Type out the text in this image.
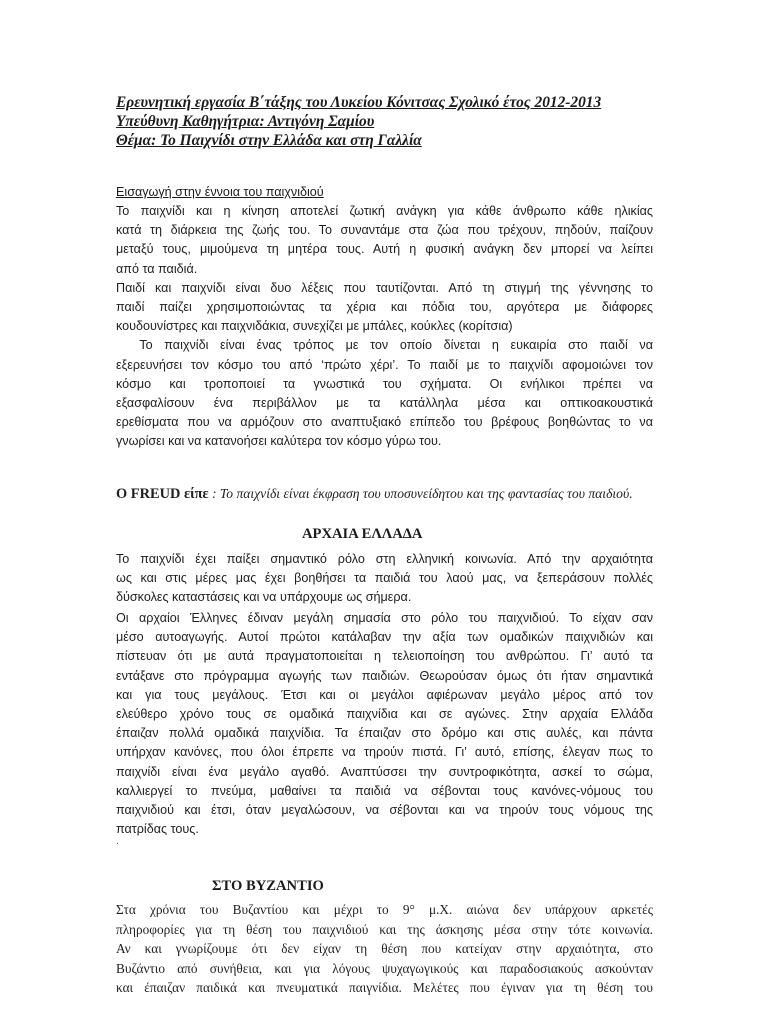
Ερευνητική εργασία Β΄τάξης του Λυκείου Κόνιτσας Σχολικό έτος 2012-2013
Υπεύθυνη Καθηγήτρια: Αντιγόνη Σαμίου
Θέμα: Το Παιχνίδι στην Ελλάδα και στη Γαλλία
Εισαγωγή στην έννοια του παιχνιδιού

Το παιχνίδι και η κίνηση αποτελεί ζωτική ανάγκη για κάθε άνθρωπο κάθε ηλικίας

κατά τη διάρκεια της ζωής του. Το συναντάμε στα ζώα που τρέχουν, πηδούν, παίζουν

μεταξύ τους, μιμούμενα τη μητέρα τους. Αυτή η φυσική ανάγκη δεν μπορεί να λείπει

από τα παιδιά.

Παιδί και παιχνίδι είναι δυο λέξεις που ταυτίζονται. Από τη στιγμή της γέννησης το

παιδί παίζει χρησιμοποιώντας τα χέρια και πόδια του, αργότερα με διάφορες

κουδουνίστρες και παιχνιδάκια, συνεχίζει με μπάλες, κούκλες (κορίτσια)

Το παιχνίδι είναι ένας τρόπος με τον οποίο δίνεται η ευκαιρία στο παιδί να

εξερευνήσει τον κόσμο του από ‘πρώτο χέρι’. Το παιδί με το παιχνίδι αφομοιώνει τον

κόσμο και τροποποιεί τα γνωστικά του σχήματα. Οι ενήλικοι πρέπει να

εξασφαλίσουν ένα περιβάλλον με τα κατάλληλα μέσα και οπτικοακουστικά

ερεθίσματα που να αρμόζουν στο αναπτυξιακό επίπεδο του βρέφους βοηθώντας το να

γνωρίσει και να κατανοήσει καλύτερα τον κόσμο γύρω του.

Ο FREUD είπε : Το παιχνίδι είναι έκφραση του υποσυνείδητου και της φαντασίας του παιδιού.
ΑΡΧΑΙΑ ΕΛΛΑΔΑ

Το παιχνίδι έχει παίξει σημαντικό ρόλο στη ελληνική κοινωνία. Από την αρχαιότητα

ως και στις μέρες μας έχει βοηθήσει τα παιδιά του λαού μας, να ξεπεράσουν πολλές

δύσκολες καταστάσεις και να υπάρχουμε ως σήμερα.

Οι αρχαίοι Έλληνες έδιναν μεγάλη σημασία στο ρόλο του παιχνιδιού. Το είχαν σαν

μέσο αυτοαγωγής. Αυτοί πρώτοι κατάλαβαν την αξία των ομαδικών παιχνιδιών και

πίστευαν ότι με αυτά πραγματοποιείται η τελειοποίηση του ανθρώπου. Γι’ αυτό τα

εντάξανε στο πρόγραμμα αγωγής των παιδιών. Θεωρούσαν όμως ότι ήταν σημαντικά

και για τους μεγάλους. Έτσι και οι μεγάλοι αφιέρωναν μεγάλο μέρος από τον

ελεύθερο χρόνο τους σε ομαδικά παιχνίδια και σε αγώνες. Στην αρχαία Ελλάδα

έπαιζαν πολλά ομαδικά παιχνίδια. Τα έπαιζαν στο δρόμο και στις αυλές, και πάντα

υπήρχαν κανόνες, που όλοι έπρεπε να τηρούν πιστά. Γι’ αυτό, επίσης, έλεγαν πως το

παιχνίδι είναι ένα μεγάλο αγαθό. Αναπτύσσει την συντροφικότητα, ασκεί το σώμα,

καλλιεργεί το πνεύμα, μαθαίνει τα παιδιά να σέβονται τους κανόνες-νόμους του

παιχνιδιού και έτσι, όταν μεγαλώσουν, να σέβονται και να τηρούν τους νόμους της

πατρίδας τους.

.
ΣΤΟ ΒΥΖΑΝΤΙΟ

Στα χρόνια του Βυζαντίου και μέχρι το 9° μ.Χ. αιώνα δεν υπάρχουν αρκετές

πληροφορίες για τη θέση του παιχνιδιού και της άσκησης μέσα στην τότε κοινωνία.

Αν και γνωρίζουμε ότι δεν είχαν τη θέση που κατείχαν στην αρχαιότητα, στο

Βυζάντιο από συνήθεια, και για λόγους ψυχαγωγικούς και παραδοσιακούς ασκούνταν

και έπαιζαν παιδικά και πνευματικά παιγνίδια. Μελέτες που έγιναν για τη θέση του
